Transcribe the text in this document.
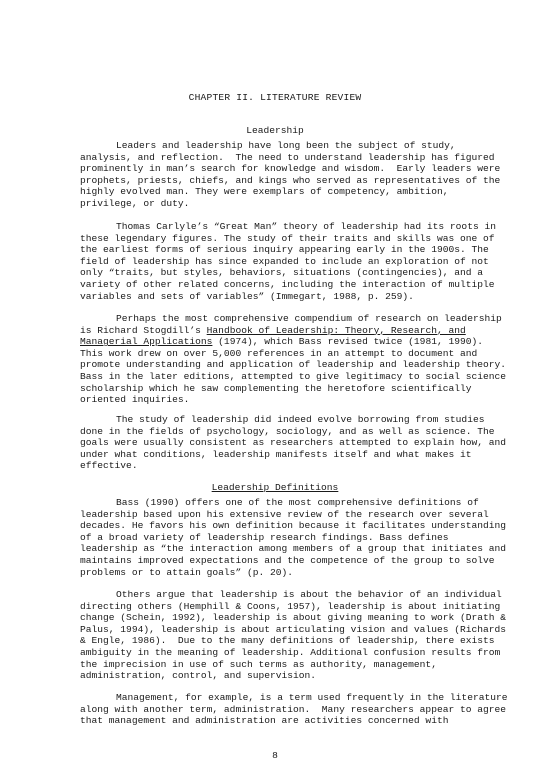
CHAPTER II. LITERATURE REVIEW
Leadership
Leaders and leadership have long been the subject of study,
analysis, and reflection.  The need to understand leadership has figured
prominently in man’s search for knowledge and wisdom.  Early leaders were
prophets, priests, chiefs, and kings who served as representatives of the
highly evolved man. They were exemplars of competency, ambition,
privilege, or duty.
Thomas Carlyle’s “Great Man” theory of leadership had its roots in
these legendary figures. The study of their traits and skills was one of
the earliest forms of serious inquiry appearing early in the 1900s. The
field of leadership has since expanded to include an exploration of not
only “traits, but styles, behaviors, situations (contingencies), and a
variety of other related concerns, including the interaction of multiple
variables and sets of variables” (Immegart, 1988, p. 259).
Perhaps the most comprehensive compendium of research on leadership
is Richard Stogdill’s Handbook of Leadership: Theory, Research, and
Managerial Applications (1974), which Bass revised twice (1981, 1990).
This work drew on over 5,000 references in an attempt to document and
promote understanding and application of leadership and leadership theory.
Bass in the later editions, attempted to give legitimacy to social science
scholarship which he saw complementing the heretofore scientifically
oriented inquiries.
The study of leadership did indeed evolve borrowing from studies
done in the fields of psychology, sociology, and as well as science. The
goals were usually consistent as researchers attempted to explain how, and
under what conditions, leadership manifests itself and what makes it
effective.
Leadership Definitions
Bass (1990) offers one of the most comprehensive definitions of
leadership based upon his extensive review of the research over several
decades. He favors his own definition because it facilitates understanding
of a broad variety of leadership research findings. Bass defines
leadership as “the interaction among members of a group that initiates and
maintains improved expectations and the competence of the group to solve
problems or to attain goals” (p. 20).
Others argue that leadership is about the behavior of an individual
directing others (Hemphill & Coons, 1957), leadership is about initiating
change (Schein, 1992), leadership is about giving meaning to work (Drath &
Palus, 1994), leadership is about articulating vision and values (Richards
& Engle, 1986).  Due to the many definitions of leadership, there exists
ambiguity in the meaning of leadership. Additional confusion results from
the imprecision in use of such terms as authority, management,
administration, control, and supervision.
Management, for example, is a term used frequently in the literature
along with another term, administration.  Many researchers appear to agree
that management and administration are activities concerned with
8
